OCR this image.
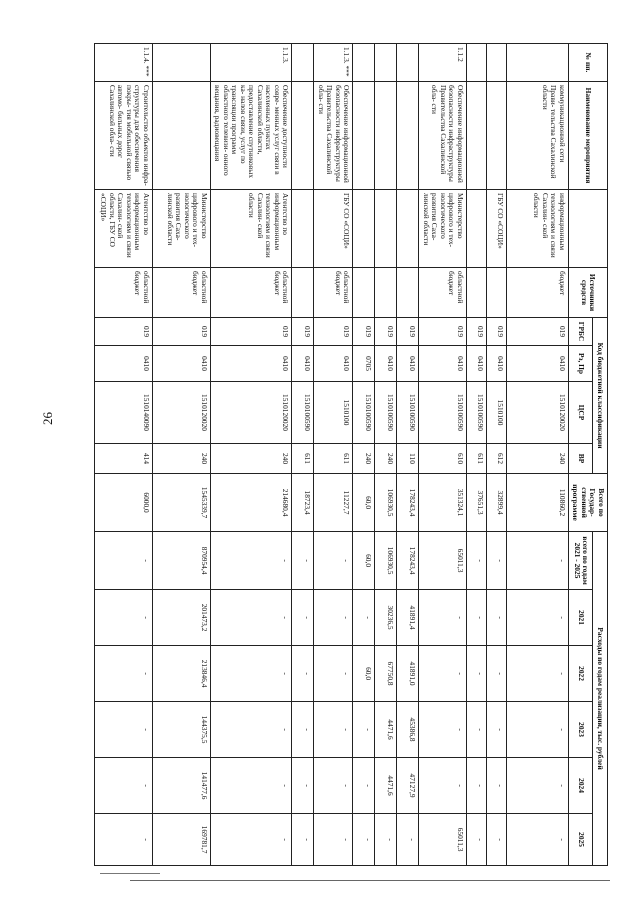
26
№ пп.	Наименование мероприятия		Источники средств	Код бюджетной классификации				Всего по Госудаp- ственной программе	Расходы по годам реализации, тыс. рублей					
				ГРБС	Рз, Пр	ЦСР	ВР		всего по годам 2021 - 2025	2021	2022	2023	2024	2025
	коммуникационной сети Прави- тельства Сахалинской области	информационным технологиям и связи Сахалин- ской области	бюджет	019	0410	1510120020	240	110860,2	-	-	-	-	-	-
		ГБУ СО «СОЦИ»		019	0410	1510100	612	32899,4	-	-	-	-	-	-
				019	0410	1510100590	611	37651,3	-	-	-	-	-	-
1.1.2	Обеспечение информационной безопасности инфраструктуры Правительства Сахалинской обла- сти	Министерство цифрового и тех- нологического развития Саха- линской области	областной бюджет	019	0410	1510100590	610	351324,1	65011,3	-	-	-	-	65011,3
				019	0410	1510100590	110	178243,4	178243,4	41891,4	41891,0	45386,8	47127,9	-
				019	0410	1510100590	240	106930,5	106930,5	30236,5	67750,8	4471,6	4471,6	-
				019	0705	1510100590	240	60,0	60,0	-	60,0	-	-	-
1.1.3. ***	Обеспечение информационной безопасности инфраструктуры Правительства Сахалинской обла- сти	ГБУ СО «СОЦИ»	областной бюджет	019	0410	1510100	611	11227,7	-	-	-	-	-	-
				019	0410	1510100590	611	18723,4	-	-	-	-	-	-
1.1.3.	Обеспечение доступности совре- менных услуг связи в населенных пунктах Сахалинской области, предоставление спутниковых ка- налов связи, услуг по трансляции программ областного телевизи- онного вещания, радиовещания	Агентство по информационным технологиям и связи Сахалин- ской области	областной бюджет	019	0410	1510120020	240	214680,4	-	-	-	-	-	-
		Министерство цифрового и тех- нологического развития Саха- линской области	областной бюджет	019	0410	1510120020	240	1545339,7	870954,4	201473,2	213846,4	144375,5	141477,6	169781,7
1.1.4. ***	Строительство объектов инфра- структуры для обеспечения покры- тия мобильной связью автомо- бильных дорог Сахалинской обла- сти	Агентство по информационным технологиям и связи Сахалин- ской области, ГБУ СО «СОЦИ»	областной бюджет	019	0410	1510140090	414	6000,0	-	-	-	-	-	-
